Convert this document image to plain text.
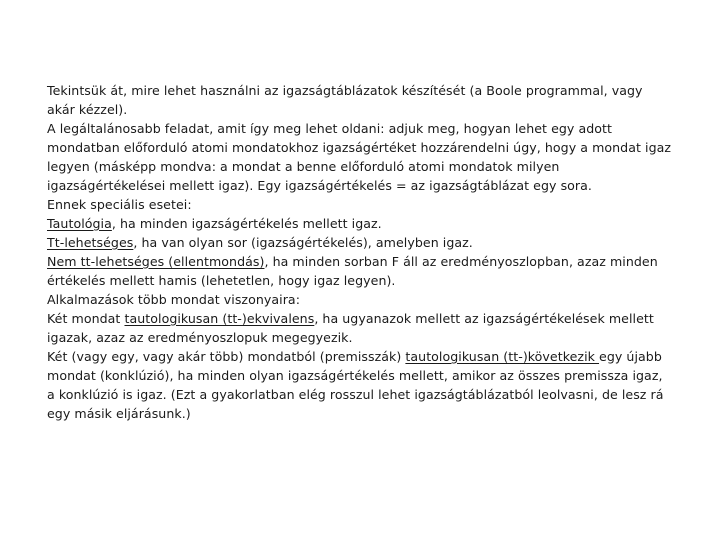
Tekintsük át, mire lehet használni az igazságtáblázatok készítését (a Boole programmal, vagy akár kézzel).

A legáltalánosabb feladat, amit így meg lehet oldani: adjuk meg, hogyan lehet egy adott mondatban előforduló atomi mondatokhoz igazságértéket hozzárendelni úgy, hogy a mondat igaz legyen (másképp mondva: a mondat a benne előforduló atomi mondatok milyen igazságértékelései mellett igaz). Egy igazságértékelés = az igazságtáblázat egy sora.

Ennek speciális esetei:

Tautológia, ha minden igazságértékelés mellett igaz.

Tt-lehetséges, ha van olyan sor (igazságértékelés), amelyben igaz.

Nem tt-lehetséges (ellentmondás), ha minden sorban F áll az eredményoszlopban, azaz minden értékelés mellett hamis (lehetetlen, hogy igaz legyen).

Alkalmazások több mondat viszonyaira:

Két mondat tautologikusan (tt-)ekvivalens, ha ugyanazok mellett az igazságértékelések mellett igazak, azaz az eredményoszlopuk megegyezik.

Két (vagy egy, vagy akár több) mondatból (premisszák) tautologikusan (tt-)következik egy újabb mondat (konklúzió), ha minden olyan igazságértékelés mellett, amikor az összes premissza igaz, a konklúzió is igaz. (Ezt a gyakorlatban elég rosszul lehet igazságtáblázatból leolvasni, de lesz rá egy másik eljárásunk.)
